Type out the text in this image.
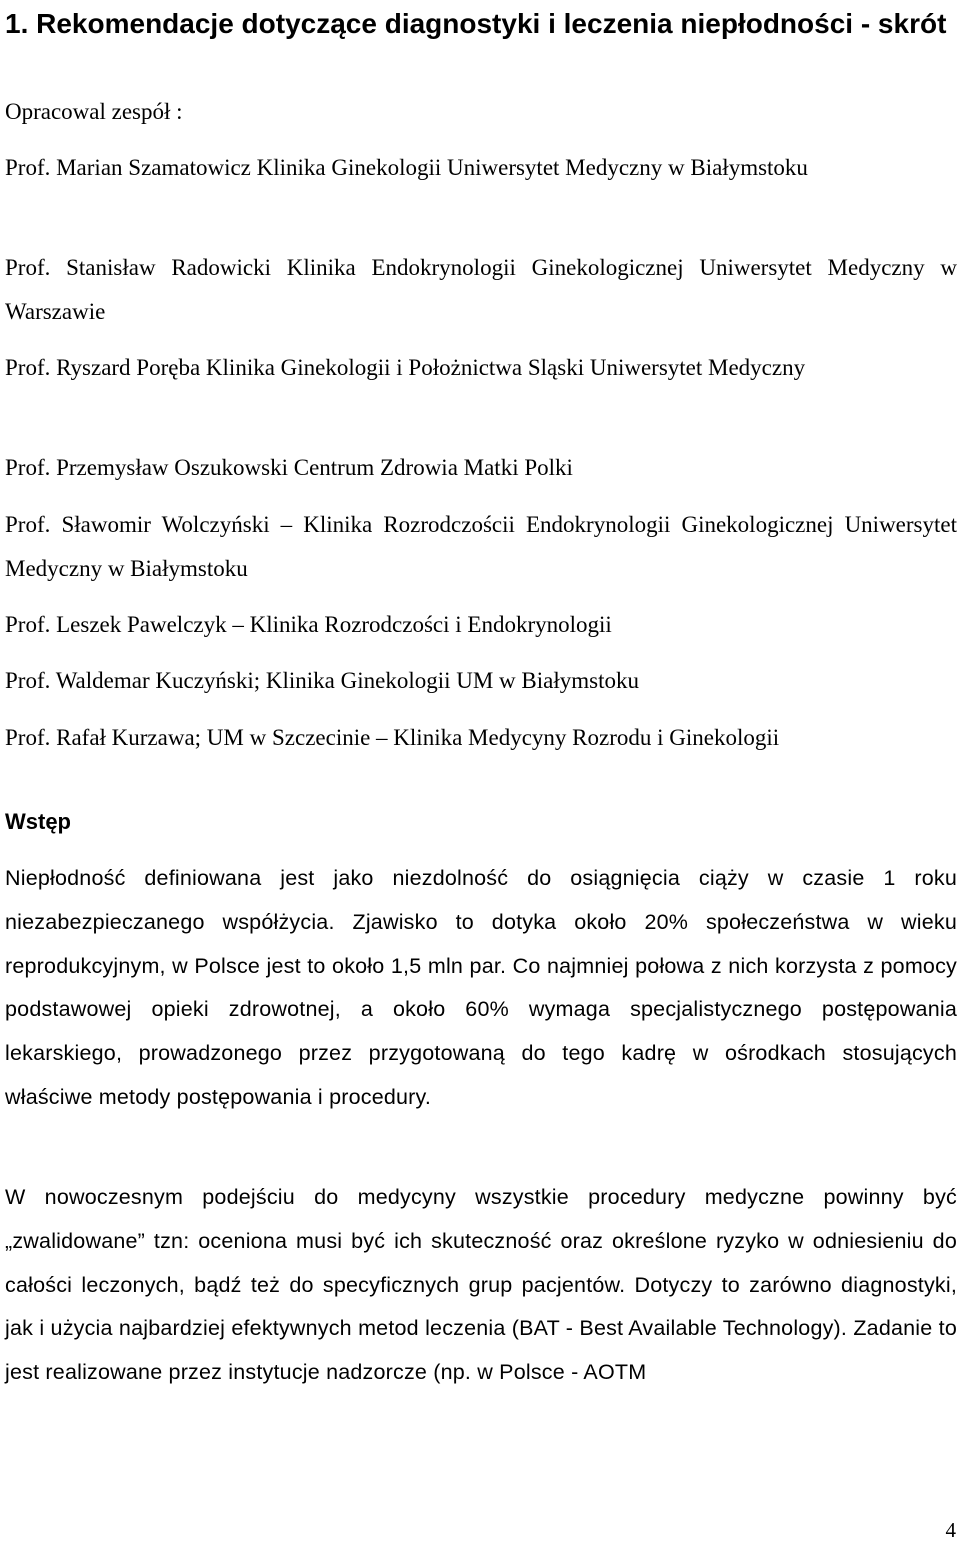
1. Rekomendacje dotyczące diagnostyki i leczenia niepłodności - skrót

Opracowal zespół :

Prof. Marian Szamatowicz Klinika Ginekologii Uniwersytet Medyczny w Białymstoku

Prof. Stanisław Radowicki Klinika Endokrynologii Ginekologicznej Uniwersytet Medyczny w Warszawie

Prof. Ryszard Poręba Klinika Ginekologii i Położnictwa Sląski Uniwersytet Medyczny

Prof. Przemysław Oszukowski Centrum Zdrowia Matki Polki

Prof. Sławomir Wolczyński – Klinika Rozrodczościi Endokrynologii Ginekologicznej Uniwersytet Medyczny w Białymstoku

Prof. Leszek Pawelczyk – Klinika Rozrodczości i Endokrynologii

Prof. Waldemar Kuczyński; Klinika Ginekologii UM w Białymstoku

Prof. Rafał Kurzawa; UM w Szczecinie – Klinika Medycyny Rozrodu i Ginekologii

Wstęp

Niepłodność definiowana jest jako niezdolność do osiągnięcia ciąży w czasie 1 roku niezabezpieczanego współżycia. Zjawisko to dotyka około 20% społeczeństwa w wieku reprodukcyjnym, w Polsce jest to około 1,5 mln par. Co najmniej połowa z nich korzysta z pomocy podstawowej opieki zdrowotnej, a około 60% wymaga specjalistycznego postępowania lekarskiego, prowadzonego przez przygotowaną do tego kadrę w ośrodkach stosujących właściwe metody postępowania i procedury.

W nowoczesnym podejściu do medycyny wszystkie procedury medyczne powinny być „zwalidowane” tzn: oceniona musi być ich skuteczność oraz określone ryzyko w odniesieniu do całości leczonych, bądź też do specyficznych grup pacjentów. Dotyczy to zarówno diagnostyki, jak i użycia najbardziej efektywnych metod leczenia (BAT - Best Available Technology). Zadanie to jest realizowane przez instytucje nadzorcze (np. w Polsce - AOTM

4
